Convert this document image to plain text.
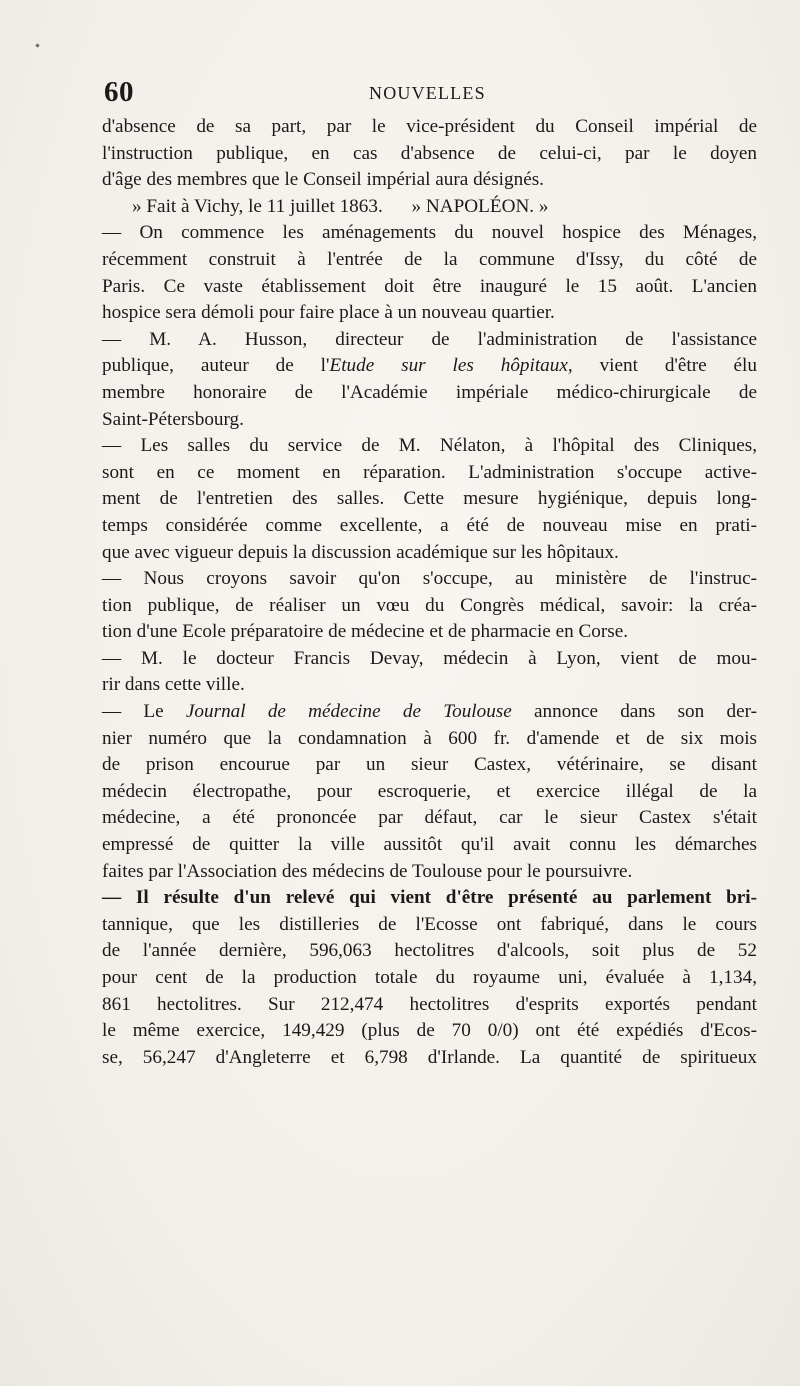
60	NOUVELLES
d'absence de sa part, par le vice-président du Conseil impérial de
l'instruction publique, en cas d'absence de celui-ci, par le doyen
d'âge des membres que le Conseil impérial aura désignés.
» Fait à Vichy, le 11 juillet 1863.      » NAPOLÉON. »
— On commence les aménagements du nouvel hospice des Ménages,
récemment construit à l'entrée de la commune d'Issy, du côté de
Paris. Ce vaste établissement doit être inauguré le 15 août. L'ancien
hospice sera démoli pour faire place à un nouveau quartier.
— M. A. Husson, directeur de l'administration de l'assistance
publique, auteur de l'Etude sur les hôpitaux, vient d'être élu
membre honoraire de l'Académie impériale médico-chirurgicale de
Saint-Pétersbourg.
— Les salles du service de M. Nélaton, à l'hôpital des Cliniques,
sont en ce moment en réparation. L'administration s'occupe active-
ment de l'entretien des salles. Cette mesure hygiénique, depuis long-
temps considérée comme excellente, a été de nouveau mise en prati-
que avec vigueur depuis la discussion académique sur les hôpitaux.
— Nous croyons savoir qu'on s'occupe, au ministère de l'instruc-
tion publique, de réaliser un vœu du Congrès médical, savoir: la créa-
tion d'une Ecole préparatoire de médecine et de pharmacie en Corse.
— M. le docteur Francis Devay, médecin à Lyon, vient de mou-
rir dans cette ville.
— Le Journal de médecine de Toulouse annonce dans son der-
nier numéro que la condamnation à 600 fr. d'amende et de six mois
de prison encourue par un sieur Castex, vétérinaire, se disant
médecin électropathe, pour escroquerie, et exercice illégal de la
médecine, a été prononcée par défaut, car le sieur Castex s'était
empressé de quitter la ville aussitôt qu'il avait connu les démarches
faites par l'Association des médecins de Toulouse pour le poursuivre.
— Il résulte d'un relevé qui vient d'être présenté au parlement bri-
tannique, que les distilleries de l'Ecosse ont fabriqué, dans le cours
de l'année dernière, 596,063 hectolitres d'alcools, soit plus de 52
pour cent de la production totale du royaume uni, évaluée à 1,134,
861 hectolitres. Sur 212,474 hectolitres d'esprits exportés pendant
le même exercice, 149,429 (plus de 70 0/0) ont été expédiés d'Ecos-
se, 56,247 d'Angleterre et 6,798 d'Irlande. La quantité de spiritueux
